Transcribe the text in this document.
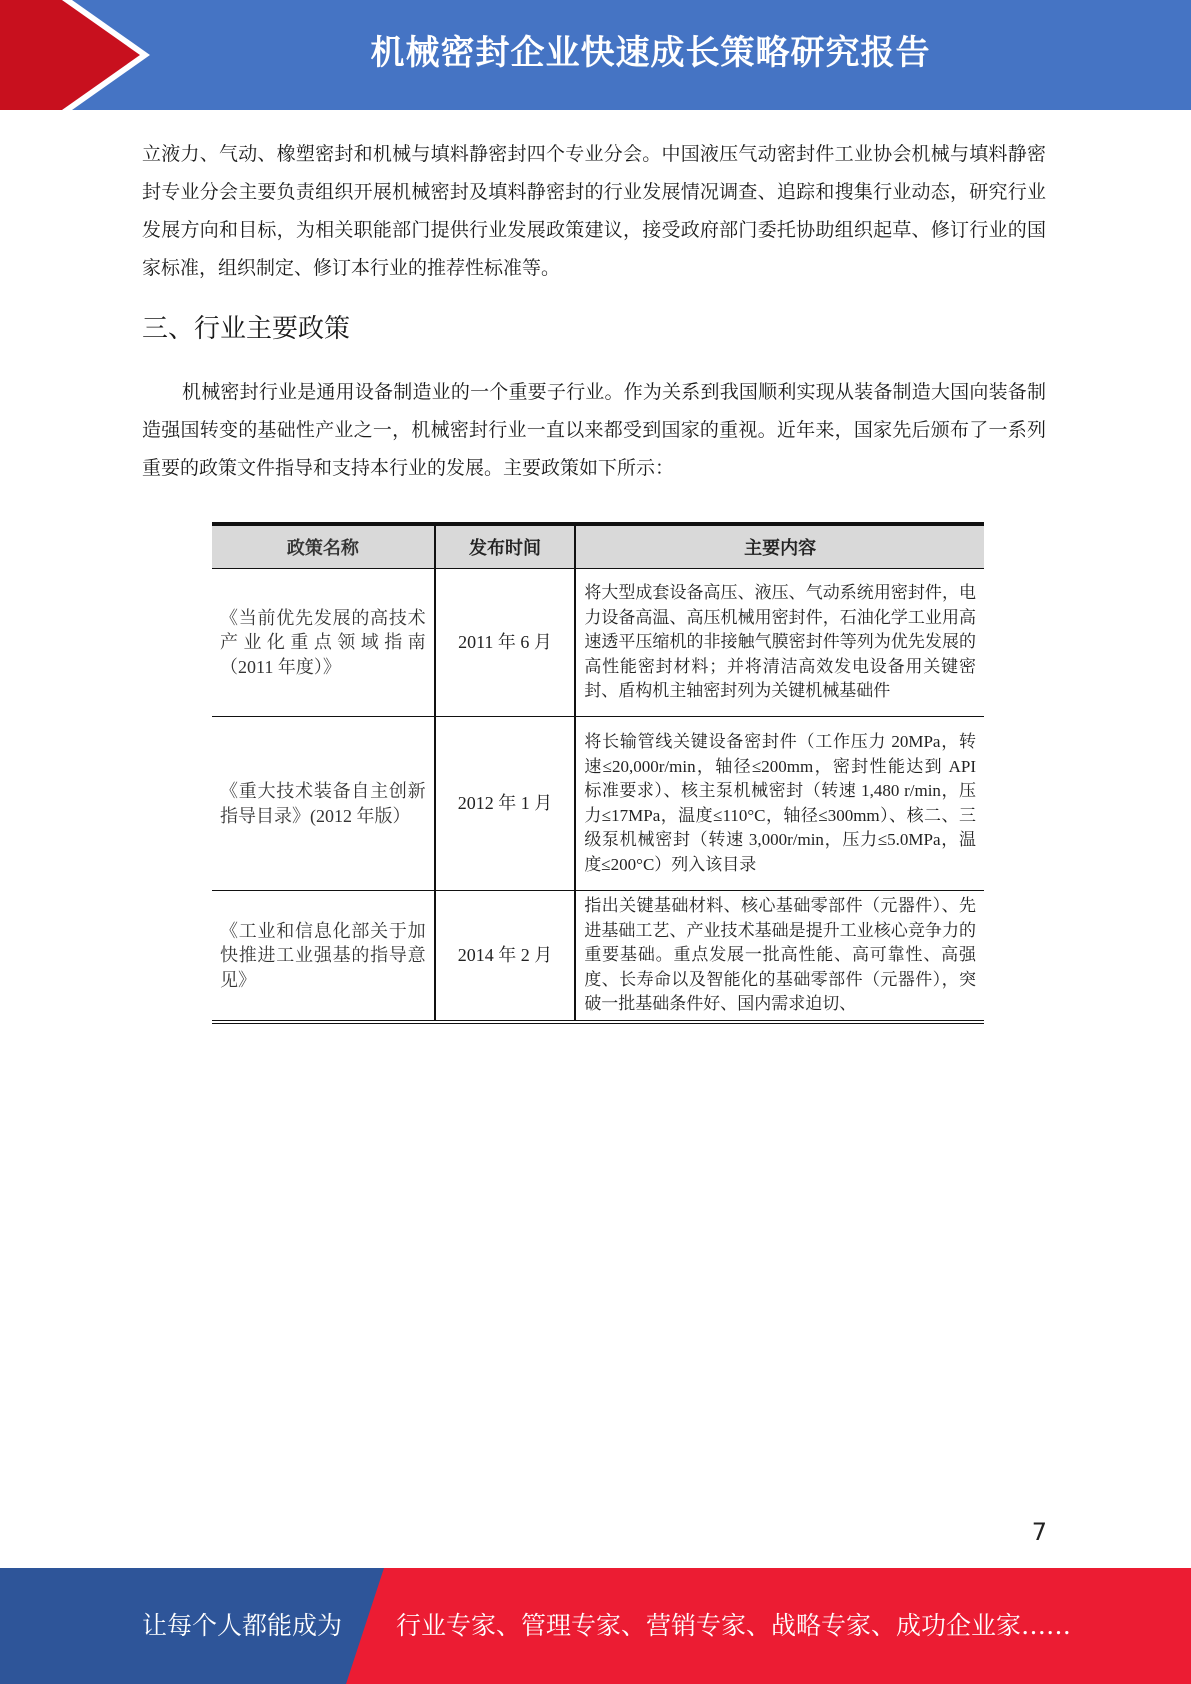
机械密封企业快速成长策略研究报告

立液力、气动、橡塑密封和机械与填料静密封四个专业分会。中国液压气动密封件工业协会机械与填料静密封专业分会主要负责组织开展机械密封及填料静密封的行业发展情况调查、追踪和搜集行业动态，研究行业发展方向和目标，为相关职能部门提供行业发展政策建议，接受政府部门委托协助组织起草、修订行业的国家标准，组织制定、修订本行业的推荐性标准等。

三、行业主要政策

机械密封行业是通用设备制造业的一个重要子行业。作为关系到我国顺利实现从装备制造大国向装备制造强国转变的基础性产业之一，机械密封行业一直以来都受到国家的重视。近年来，国家先后颁布了一系列重要的政策文件指导和支持本行业的发展。主要政策如下所示：

政策名称	发布时间	主要内容
《当前优先发展的高技术产业化重点领域指南（2011 年度）》	2011 年 6 月	将大型成套设备高压、液压、气动系统用密封件，电力设备高温、高压机械用密封件，石油化学工业用高速透平压缩机的非接触气膜密封件等列为优先发展的高性能密封材料；并将清洁高效发电设备用关键密封、盾构机主轴密封列为关键机械基础件
《重大技术装备自主创新指导目录》(2012 年版）	2012 年 1 月	将长输管线关键设备密封件（工作压力 20MPa，转速≤20,000r/min，轴径≤200mm，密封性能达到 API 标准要求）、核主泵机械密封（转速 1,480 r/min，压力≤17MPa，温度≤110°C，轴径≤300mm）、核二、三级泵机械密封（转速 3,000r/min，压力≤5.0MPa，温度≤200°C）列入该目录
《工业和信息化部关于加快推进工业强基的指导意见》	2014 年 2 月	指出关键基础材料、核心基础零部件（元器件）、先进基础工艺、产业技术基础是提升工业核心竞争力的重要基础。重点发展一批高性能、高可靠性、高强度、长寿命以及智能化的基础零部件（元器件），突破一批基础条件好、国内需求迫切、
7
让每个人都能成为 行业专家、管理专家、营销专家、战略专家、成功企业家……
